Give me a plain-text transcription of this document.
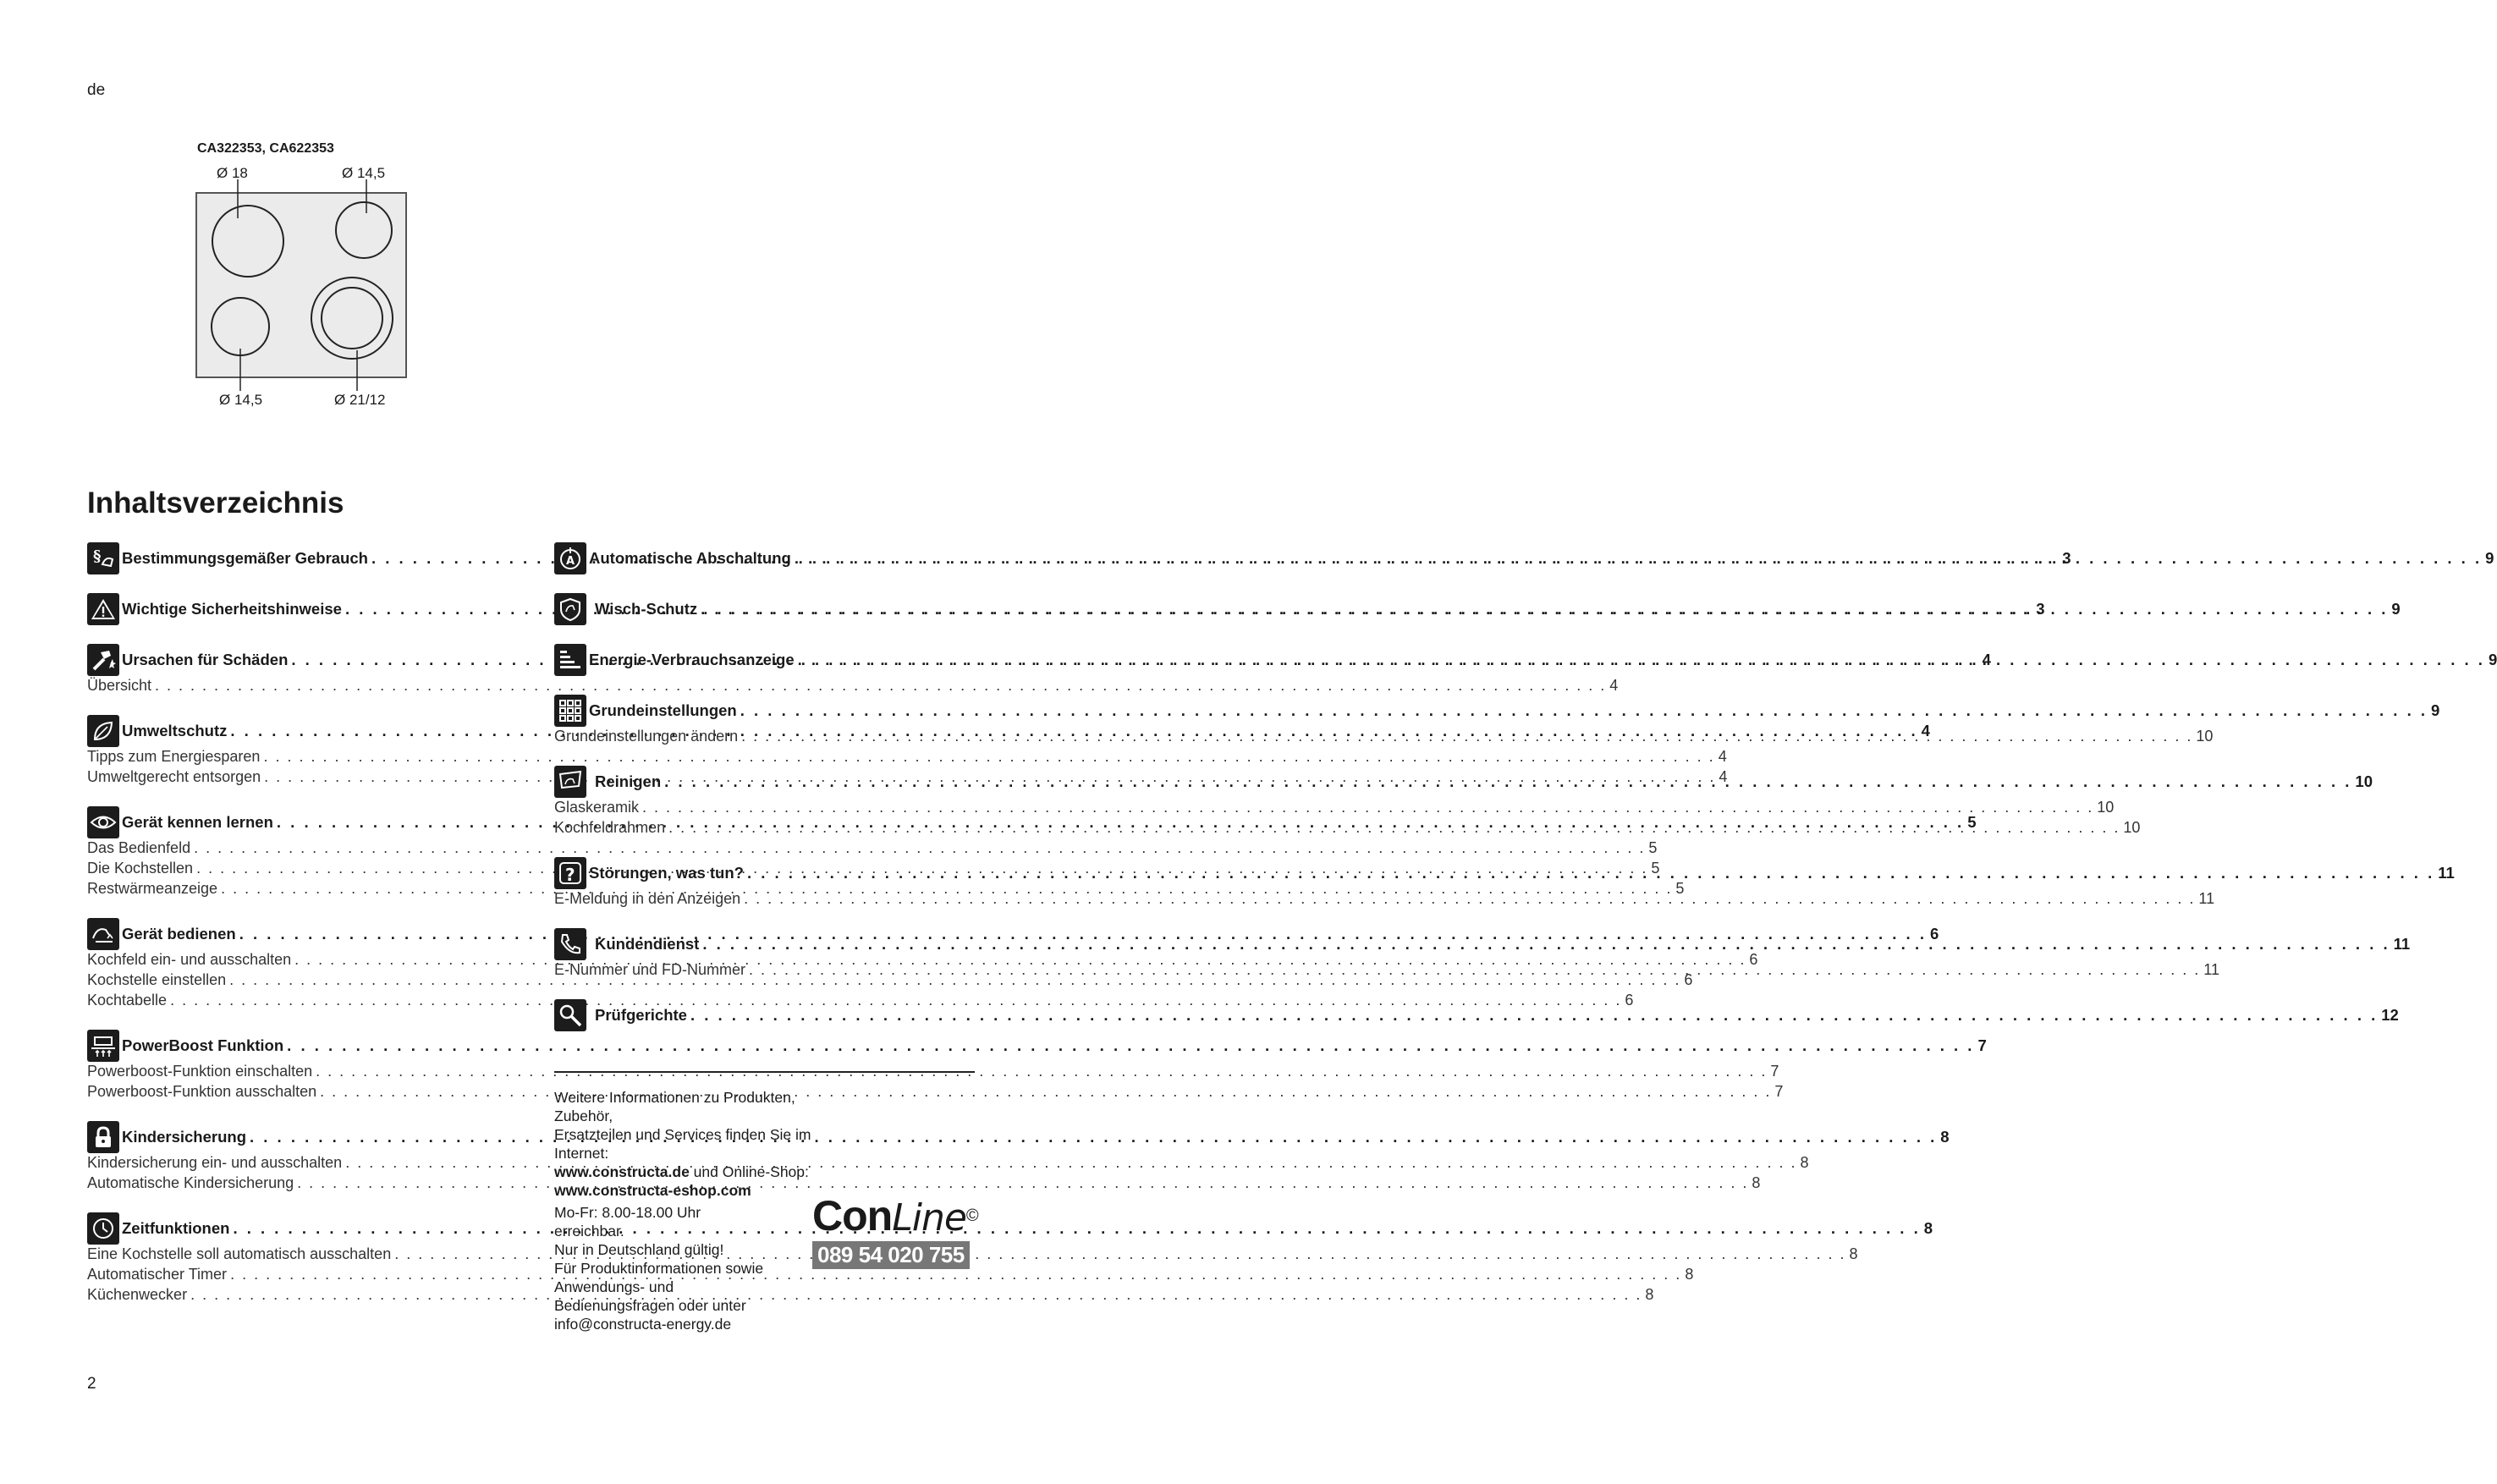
de
CA322353, CA622353
Ø 18	Ø 14,5
Ø 14,5	Ø 21/12
Inhaltsverzeichnis
§ Bestimmungsgemäßer Gebrauch . . .	3
Wichtige Sicherheitshinweise . . .	3
Ursachen für Schäden . . .	4
Übersicht . . .	4
Umweltschutz . . .	4
Tipps zum Energiesparen . . .	4
Umweltgerecht entsorgen . . .	4
Gerät kennen lernen . . .	5
Das Bedienfeld . . .	5
Die Kochstellen . . .	5
Restwärmeanzeige . . .	5
Gerät bedienen . . .	6
Kochfeld ein- und ausschalten . . .	6
Kochstelle einstellen . . .	6
Kochtabelle . . .	6
PowerBoost Funktion . . .	7
Powerboost-Funktion einschalten . . .	7
Powerboost-Funktion ausschalten . . .	7
Kindersicherung . . .	8
Kindersicherung ein- und ausschalten . . .	8
Automatische Kindersicherung . . .	8
Zeitfunktionen . . .	8
Eine Kochstelle soll automatisch ausschalten . . .	8
Automatischer Timer . . .	8
Küchenwecker . . .	8
A Automatische Abschaltung . . .	9
Wisch-Schutz . . .	9
Energie-Verbrauchsanzeige . . .	9
Grundeinstellungen . . .	9
Grundeinstellungen ändern . . .	10
Reinigen . . .	10
Glaskeramik . . .	10
Kochfeldrahmen . . .	10
? Störungen, was tun? . . .	11
E-Meldung in den Anzeigen . . .	11
Kundendienst . . .	11
E-Nummer und FD-Nummer . . .	11
Prüfgerichte . . .	12

Weitere Informationen zu Produkten, Zubehör,

Ersatzteilen und Services finden Sie im Internet:

www.constructa.de und Online-Shop:

www.constructa-eshop.com

Mo-Fr: 8.00-18.00 Uhr

erreichbar.

Nur in Deutschland gültig!

Für Produktinformationen sowie

Anwendungs- und

Bedienungsfragen oder unter

info@constructa-energy.de

ConLine©
089 54 020 755
2
